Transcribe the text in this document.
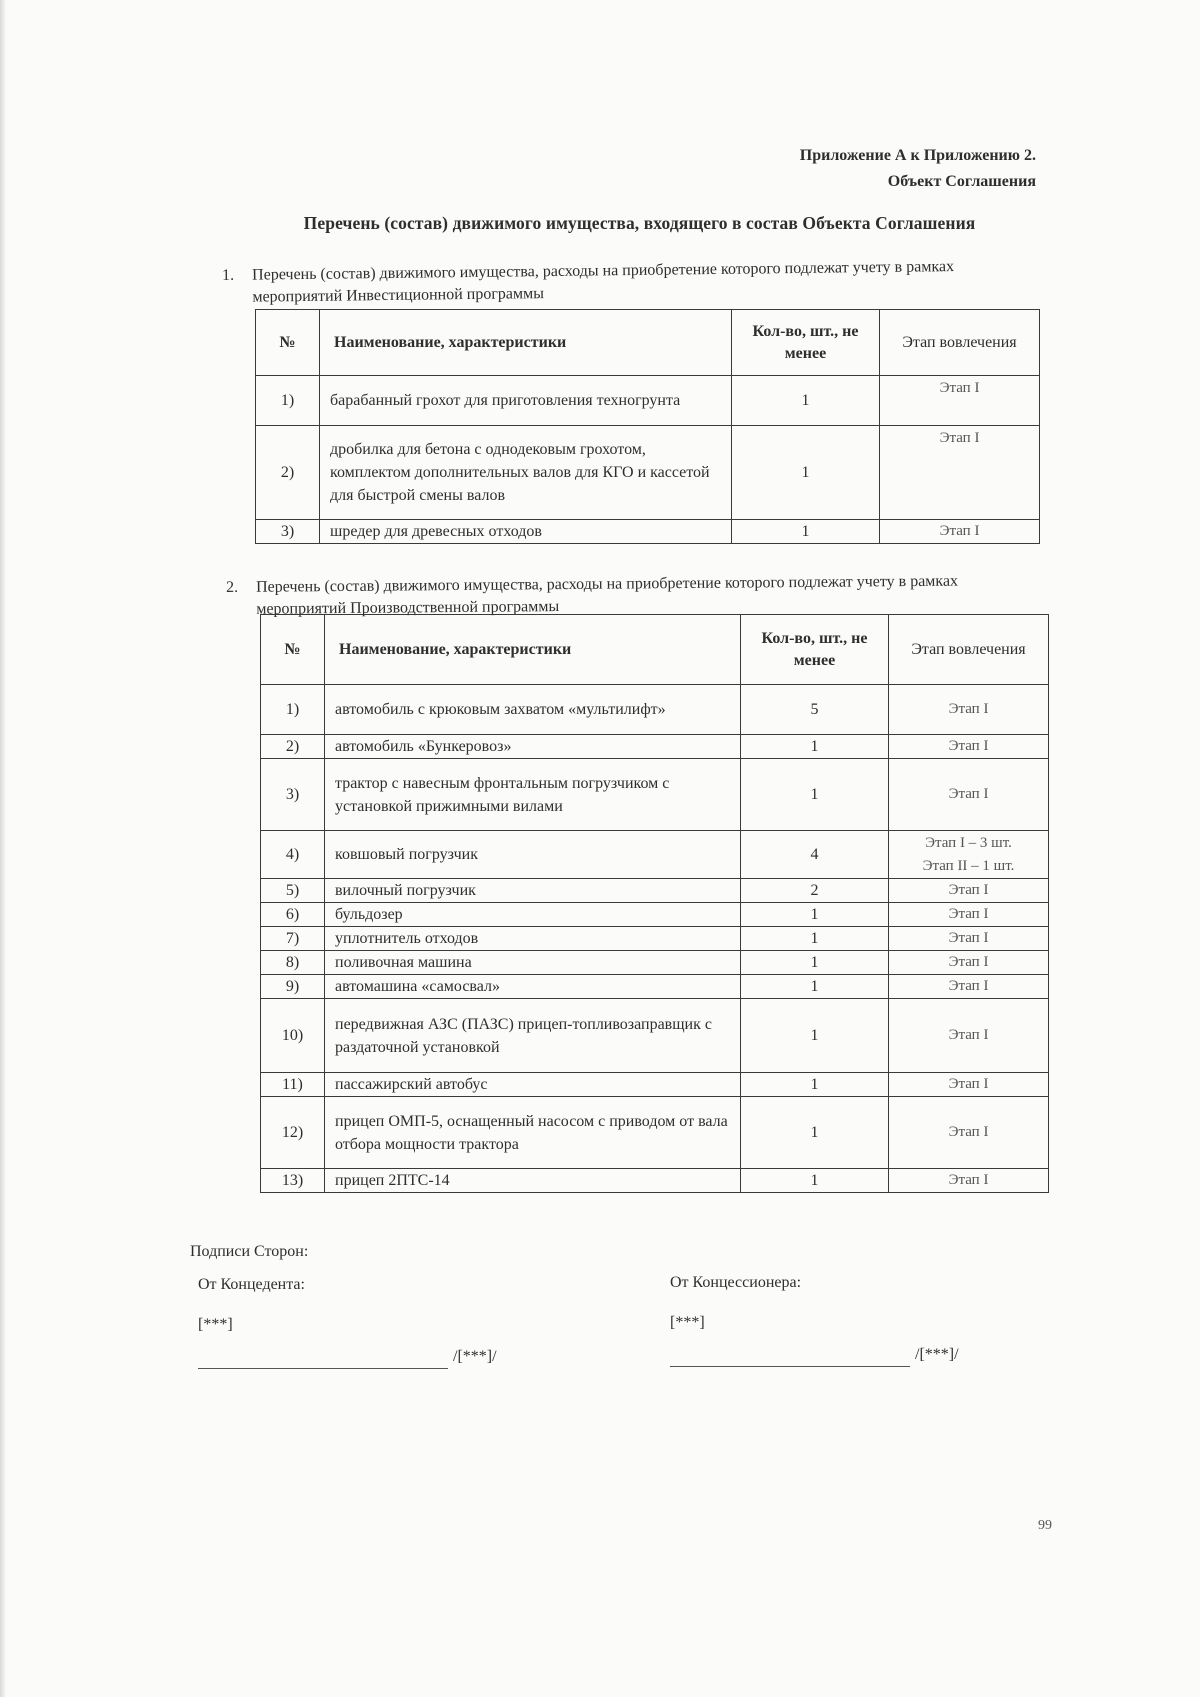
Приложение А к Приложению 2.
Объект Соглашения
Перечень (состав) движимого имущества, входящего в состав Объекта Соглашения
1. Перечень (состав) движимого имущества, расходы на приобретение которого подлежат учету в рамках мероприятий Инвестиционной программы
№	Наименование, характеристики	Кол-во, шт., не менее	Этап вовлечения
1)	барабанный грохот для приготовления техногрунта	1	Этап I
2)	дробилка для бетона с однодековым грохотом, комплектом дополнительных валов для КГО и кассетой для быстрой смены валов	1	Этап I
3)	шредер для древесных отходов	1	Этап I
2. Перечень (состав) движимого имущества, расходы на приобретение которого подлежат учету в рамках мероприятий Производственной программы
№	Наименование, характеристики	Кол-во, шт., не менее	Этап вовлечения
1)	автомобиль с крюковым захватом «мультилифт»	5	Этап I
2)	автомобиль «Бункеровоз»	1	Этап I
3)	трактор с навесным фронтальным погрузчиком с установкой прижимными вилами	1	Этап I
4)	ковшовый погрузчик	4	Этап I – 3 шт.
Этап II – 1 шт.

5)	вилочный погрузчик	2	Этап I
6)	бульдозер	1	Этап I
7)	уплотнитель отходов	1	Этап I
8)	поливочная машина	1	Этап I
9)	автомашина «самосвал»	1	Этап I
10)	передвижная АЗС (ПАЗС) прицеп-топливозаправщик с раздаточной установкой	1	Этап I
11)	пассажирский автобус	1	Этап I
12)	прицеп ОМП-5, оснащенный насосом с приводом от вала отбора мощности трактора	1	Этап I
13)	прицеп 2ПТС-14	1	Этап I
Подписи Сторон:
От Концедента:
[***]
/[***]/
От Концессионера:
[***]
/[***]/
99
